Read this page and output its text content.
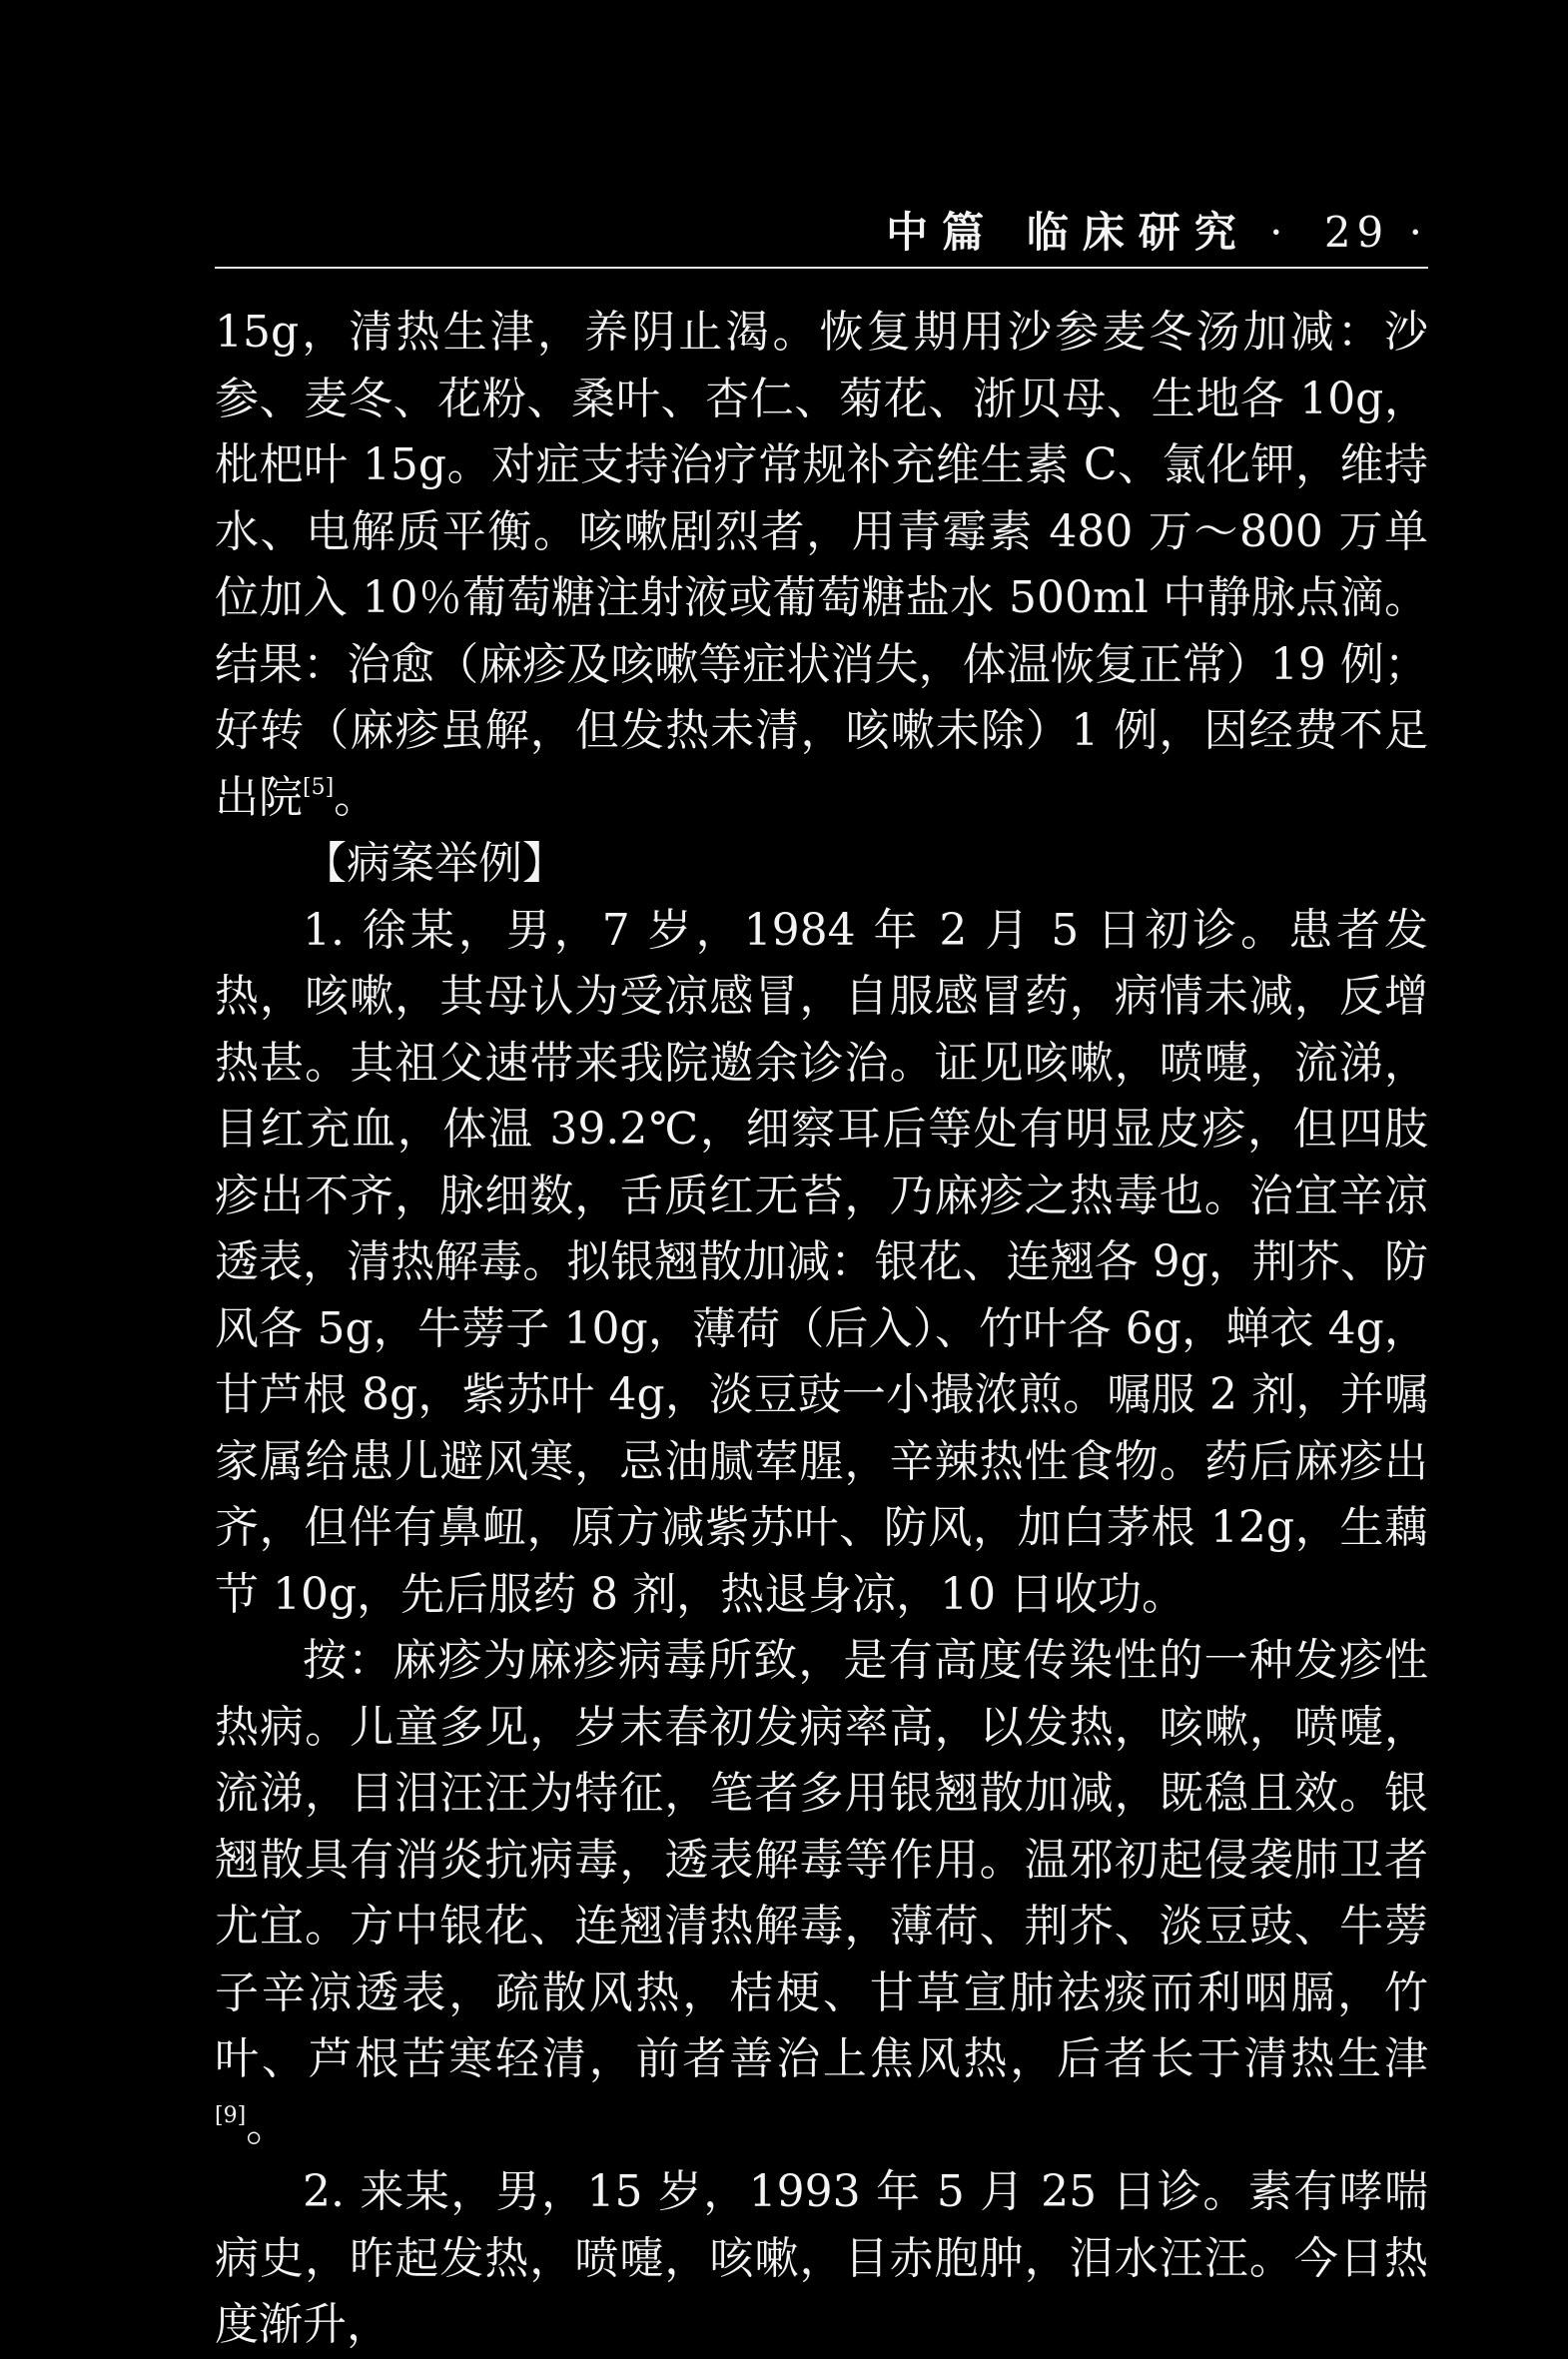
中篇 临床研究 · 29 ·

15g，清热生津，养阴止渴。恢复期用沙参麦冬汤加减：沙参、麦冬、花粉、桑叶、杏仁、菊花、浙贝母、生地各 10g，枇杷叶 15g。对症支持治疗常规补充维生素 C、氯化钾，维持水、电解质平衡。咳嗽剧烈者，用青霉素 480 万～800 万单位加入 10％葡萄糖注射液或葡萄糖盐水 500ml 中静脉点滴。结果：治愈（麻疹及咳嗽等症状消失，体温恢复正常）19 例；好转（麻疹虽解，但发热未清，咳嗽未除）1 例，因经费不足出院[5]。

【病案举例】

1. 徐某，男，7 岁，1984 年 2 月 5 日初诊。患者发热，咳嗽，其母认为受凉感冒，自服感冒药，病情未减，反增热甚。其祖父速带来我院邀余诊治。证见咳嗽，喷嚏，流涕，目红充血，体温 39.2℃，细察耳后等处有明显皮疹，但四肢疹出不齐，脉细数，舌质红无苔，乃麻疹之热毒也。治宜辛凉透表，清热解毒。拟银翘散加减：银花、连翘各 9g，荆芥、防风各 5g，牛蒡子 10g，薄荷（后入）、竹叶各 6g，蝉衣 4g，甘芦根 8g，紫苏叶 4g，淡豆豉一小撮浓煎。嘱服 2 剂，并嘱家属给患儿避风寒，忌油腻荤腥，辛辣热性食物。药后麻疹出齐，但伴有鼻衄，原方减紫苏叶、防风，加白茅根 12g，生藕节 10g，先后服药 8 剂，热退身凉，10 日收功。

按：麻疹为麻疹病毒所致，是有高度传染性的一种发疹性热病。儿童多见，岁末春初发病率高，以发热，咳嗽，喷嚏，流涕，目泪汪汪为特征，笔者多用银翘散加减，既稳且效。银翘散具有消炎抗病毒，透表解毒等作用。温邪初起侵袭肺卫者尤宜。方中银花、连翘清热解毒，薄荷、荆芥、淡豆豉、牛蒡子辛凉透表，疏散风热，桔梗、甘草宣肺祛痰而利咽膈，竹叶、芦根苦寒轻清，前者善治上焦风热，后者长于清热生津[9]。

2. 来某，男，15 岁，1993 年 5 月 25 日诊。素有哮喘病史，昨起发热，喷嚏，咳嗽，目赤胞肿，泪水汪汪。今日热度渐升，
